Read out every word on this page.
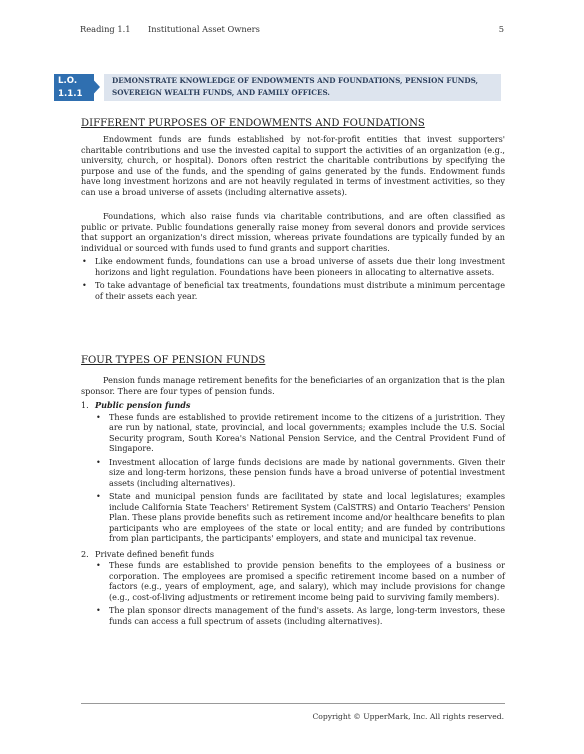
Reading 1.1 Institutional Asset Owners	5
L.O.
1.1.1
DEMONSTRATE KNOWLEDGE OF ENDOWMENTS AND FOUNDATIONS, PENSION FUNDS, SOVEREIGN WEALTH FUNDS, AND FAMILY OFFICES.
DIFFERENT PURPOSES OF ENDOWMENTS AND FOUNDATIONS

Endowment funds are funds established by not-for-profit entities that invest supporters' charitable contributions and use the invested capital to support the activities of an organization (e.g., university, church, or hospital). Donors often restrict the charitable contributions by specifying the purpose and use of the funds, and the spending of gains generated by the funds. Endowment funds have long investment horizons and are not heavily regulated in terms of investment activities, so they can use a broad universe of assets (including alternative assets).

Foundations, which also raise funds via charitable contributions, and are often classified as public or private. Public foundations generally raise money from several donors and provide services that support an organization's direct mission, whereas private foundations are typically funded by an individual or sourced with funds used to fund grants and support charities.

• Like endowment funds, foundations can use a broad universe of assets due their long investment horizons and light regulation. Foundations have been pioneers in allocating to alternative assets.
• To take advantage of beneficial tax treatments, foundations must distribute a minimum percentage of their assets each year.
FOUR TYPES OF PENSION FUNDS

Pension funds manage retirement benefits for the beneficiaries of an organization that is the plan sponsor. There are four types of pension funds.

1. Public pension funds
• These funds are established to provide retirement income to the citizens of a juristrition. They are run by national, state, provincial, and local governments; examples include the U.S. Social Security program, South Korea's National Pension Service, and the Central Provident Fund of Singapore.
• Investment allocation of large funds decisions are made by national governments. Given their size and long-term horizons, these pension funds have a broad universe of potential investment assets (including alternatives).
• State and municipal pension funds are facilitated by state and local legislatures; examples include California State Teachers' Retirement System (CalSTRS) and Ontario Teachers' Pension Plan. These plans provide benefits such as retirement income and/or healthcare benefits to plan participants who are employees of the state or local entity; and are funded by contributions from plan participants, the participants' employers, and state and municipal tax revenue.
2. Private defined benefit funds
• These funds are established to provide pension benefits to the employees of a business or corporation. The employees are promised a specific retirement income based on a number of factors (e.g., years of employment, age, and salary), which may include provisions for change (e.g., cost-of-living adjustments or retirement income being paid to surviving family members).
• The plan sponsor directs management of the fund's assets. As large, long-term investors, these funds can access a full spectrum of assets (including alternatives).
Copyright © UpperMark, Inc. All rights reserved.
